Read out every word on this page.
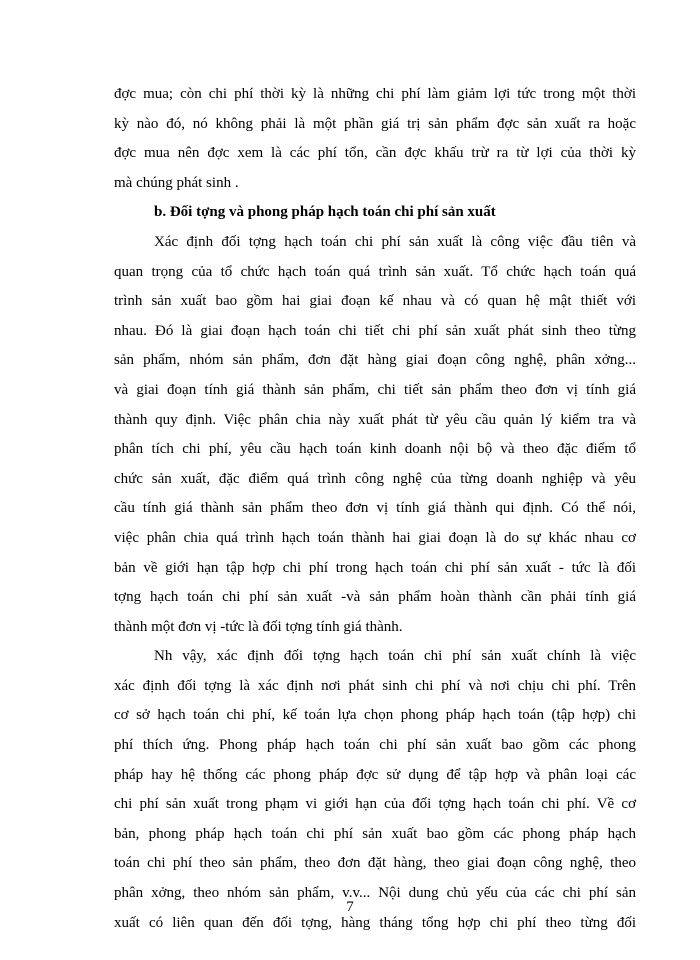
đợc mua; còn chi phí thời kỳ là những chi phí làm giảm lợi tức trong một thời
kỳ nào đó, nó không phải là một phần giá trị sản phẩm đợc sản xuất ra hoặc
đợc mua nên đợc xem là các phí tổn, cần đợc khấu trừ ra từ lợi của thời kỳ
mà chúng phát sinh .
b. Đối tợng và phong pháp hạch toán chi phí sản xuất
Xác định đối tợng hạch toán chi phí sản xuất là công việc đầu tiên và
quan trọng của tổ chức hạch toán quá trình sản xuất. Tổ chức hạch toán quá
trình sản xuất bao gồm hai giai đoạn kế nhau và có quan hệ mật thiết với
nhau. Đó là giai đoạn hạch toán chi tiết chi phí sản xuất phát sinh theo từng
sản phẩm, nhóm sản phẩm, đơn đặt hàng giai đoạn công nghệ, phân xởng...
và giai đoạn tính giá thành sản phẩm, chi tiết sản phẩm theo đơn vị tính giá
thành quy định. Việc phân chia này xuất phát từ yêu cầu quản lý kiểm tra và
phân tích chi phí, yêu cầu hạch toán kinh doanh nội bộ và theo đặc điểm tổ
chức sản xuất, đặc điểm quá trình công nghệ của từng doanh nghiệp và yêu
cầu tính giá thành sản phẩm theo đơn vị tính giá thành qui định. Có thể nói,
việc phân chia quá trình hạch toán thành hai giai đoạn là do sự khác nhau cơ
bản về giới hạn tập hợp chi phí trong hạch toán chi phí sản xuất - tức là đối
tợng hạch toán chi phí sản xuất -và sản phẩm hoàn thành cần phải tính giá
thành một đơn vị -tức là đối tợng tính giá thành.
Nh vậy, xác định đối tợng hạch toán chi phí sản xuất chính là việc
xác định đối tợng là xác định nơi phát sinh chi phí và nơi chịu chi phí. Trên
cơ sở hạch toán chi phí, kế toán lựa chọn phong pháp hạch toán (tập hợp) chi
phí thích ứng. Phong pháp hạch toán chi phí sản xuất bao gồm các phong
pháp hay hệ thống các phong pháp đợc sử dụng để tập hợp và phân loại các
chi phí sản xuất trong phạm vi giới hạn của đối tợng hạch toán chi phí. Về cơ
bản, phong pháp hạch toán chi phí sản xuất bao gồm các phong pháp hạch
toán chi phí theo sản phẩm, theo đơn đặt hàng, theo giai đoạn công nghệ, theo
phân xởng, theo nhóm sản phẩm, v.v... Nội dung chủ yếu của các chi phí sản
xuất có liên quan đến đối tợng, hàng tháng tổng hợp chi phí theo từng đối
7
